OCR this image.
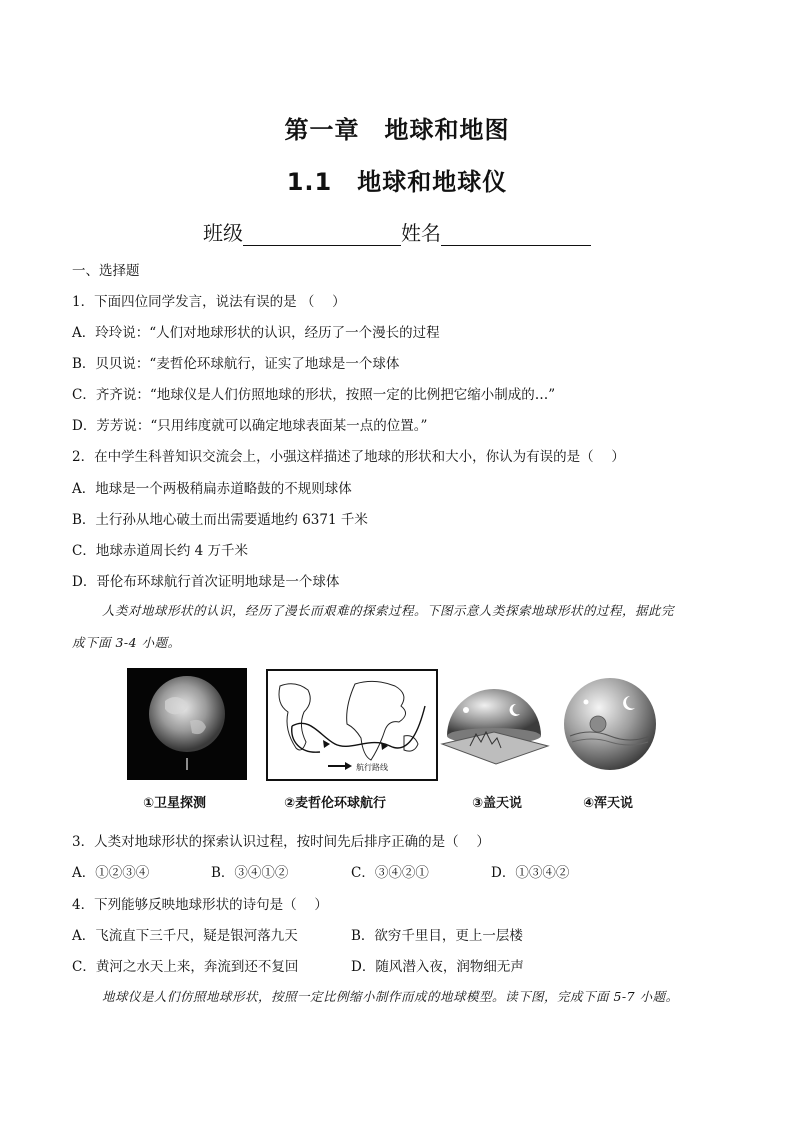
第一章　地球和地图
1.1　地球和地球仪
班级	姓名
一、选择题
1．下面四位同学发言，说法有误的是 （　 ）
A．玲玲说：“人们对地球形状的认识，经历了一个漫长的过程
B．贝贝说：“麦哲伦环球航行，证实了地球是一个球体
C．齐齐说：“地球仪是人们仿照地球的形状，按照一定的比例把它缩小制成的…”
D．芳芳说：“只用纬度就可以确定地球表面某一点的位置。”
2．在中学生科普知识交流会上，小强这样描述了地球的形状和大小，你认为有误的是（　 ）
A．地球是一个两极稍扁赤道略鼓的不规则球体
B．土行孙从地心破土而出需要遁地约 6371 千米
C．地球赤道周长约 4 万千米
D．哥伦布环球航行首次证明地球是一个球体
人类对地球形状的认识，经历了漫长而艰难的探索过程。下图示意人类探索地球形状的过程，据此完
成下面 3-4 小题。
航行路线
①卫星探测	②麦哲伦环球航行	③盖天说	④浑天说
3．人类对地球形状的探索认识过程，按时间先后排序正确的是（　 ）
A．①②③④	B．③④①②	C．③④②①	D．①③④②
4．下列能够反映地球形状的诗句是（　 ）
A．飞流直下三千尺，疑是银河落九天	B．欲穷千里目，更上一层楼
C．黄河之水天上来，奔流到还不复回	D．随风潜入夜，润物细无声
地球仪是人们仿照地球形状，按照一定比例缩小制作而成的地球模型。读下图，完成下面 5-7 小题。
